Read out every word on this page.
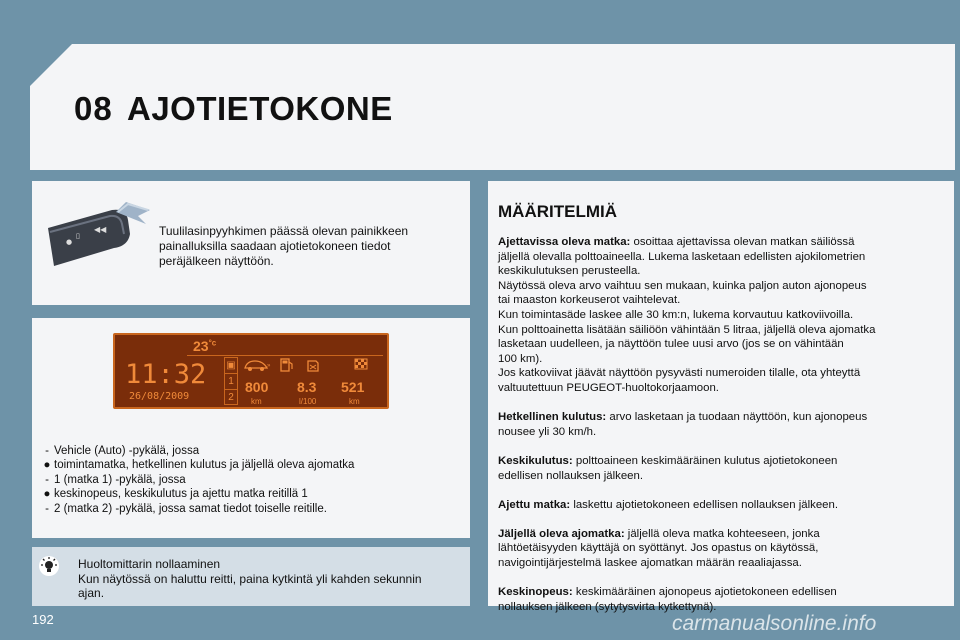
08 AJOTIETOKONE
●
▯
◀◀	Tuulilasinpyyhkimen päässä olevan painikkeen
painalluksilla saadaan ajotietokoneen tiedot
peräjälkeen näyttöön.
$23^{^\circ c}$
11:32
26/08/2009
▣
1
2
»
800
km
8.3
l/100
521
km
- Vehicle (Auto) -pykälä, jossa
● toimintamatka, hetkellinen kulutus ja jäljellä oleva ajomatka
- 1 (matka 1) -pykälä, jossa
● keskinopeus, keskikulutus ja ajettu matka reitillä 1
- 2 (matka 2) -pykälä, jossa samat tiedot toiselle reitille.
Huoltomittarin nollaaminen
Kun näytössä on haluttu reitti, paina kytkintä yli kahden sekunnin
ajan.
MÄÄRITELMIÄ
Ajettavissa oleva matka: osoittaa ajettavissa olevan matkan säiliössä
jäljellä olevalla polttoaineella. Lukema lasketaan edellisten ajokilometrien
keskikulutuksen perusteella.
Näytössä oleva arvo vaihtuu sen mukaan, kuinka paljon auton ajonopeus
tai maaston korkeuserot vaihtelevat.
Kun toimintasäde laskee alle 30 km:n, lukema korvautuu katkoviivoilla.
Kun polttoainetta lisätään säiliöön vähintään 5 litraa, jäljellä oleva ajomatka
lasketaan uudelleen, ja näyttöön tulee uusi arvo (jos se on vähintään
100 km).
Jos katkoviivat jäävät näyttöön pysyvästi numeroiden tilalle, ota yhteyttä
valtuutettuun PEUGEOT-huoltokorjaamoon.
Hetkellinen kulutus: arvo lasketaan ja tuodaan näyttöön, kun ajonopeus
nousee yli 30 km/h.
Keskikulutus: polttoaineen keskimääräinen kulutus ajotietokoneen
edellisen nollauksen jälkeen.
Ajettu matka: laskettu ajotietokoneen edellisen nollauksen jälkeen.
Jäljellä oleva ajomatka: jäljellä oleva matka kohteeseen, jonka
lähtöetäisyyden käyttäjä on syöttänyt. Jos opastus on käytössä,
navigointijärjestelmä laskee ajomatkan määrän reaaliajassa.
Keskinopeus: keskimääräinen ajonopeus ajotietokoneen edellisen
nollauksen jälkeen (sytytysvirta kytkettynä).
192	carmanualsonline.info
